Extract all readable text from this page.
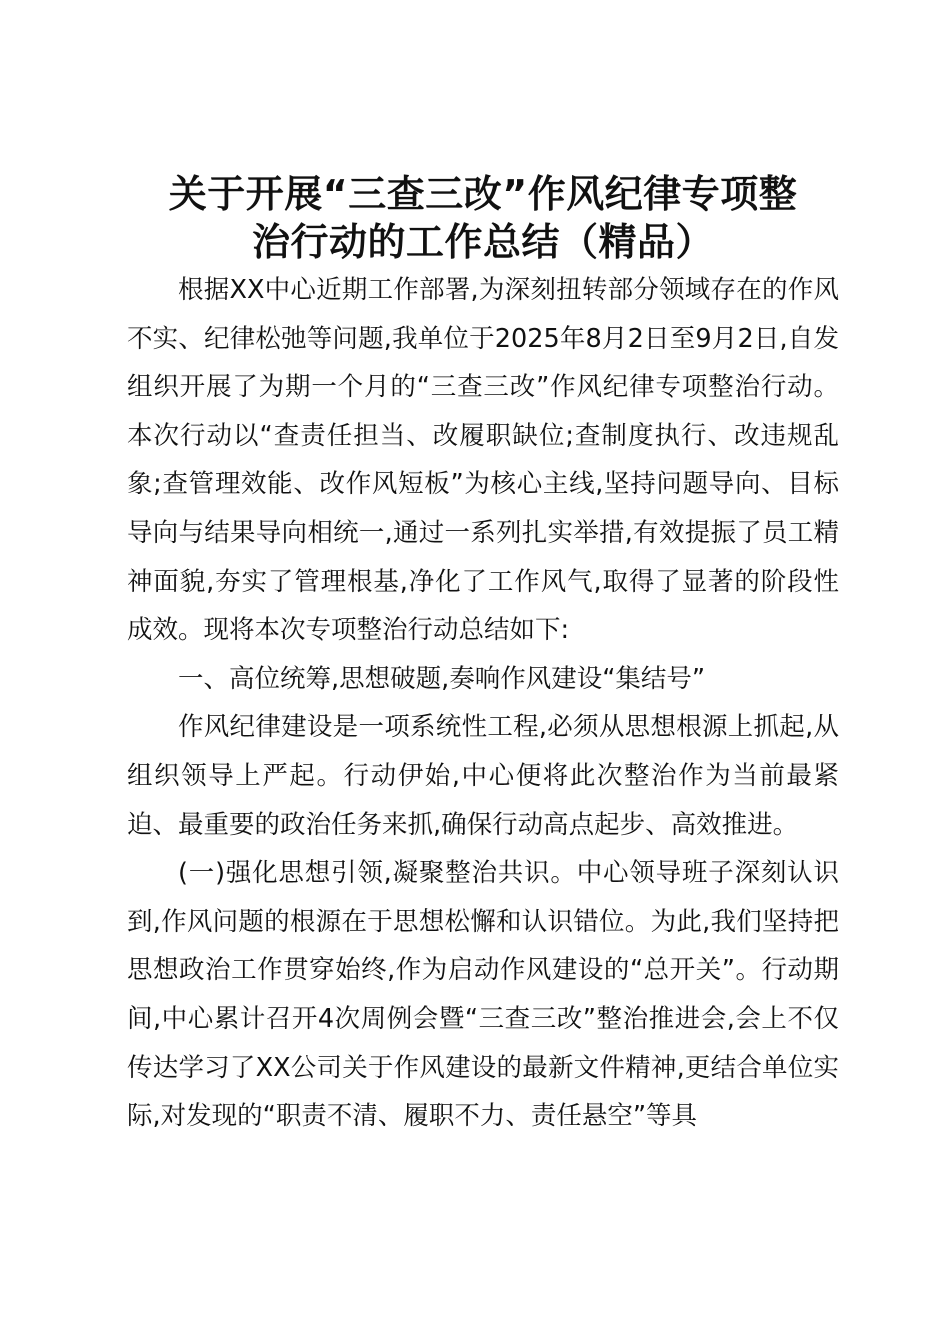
关于开展“三查三改”作风纪律专项整
治行动的工作总结（精品）

根据XX中心近期工作部署,为深刻扭转部分领域存在的作风不实、纪律松弛等问题,我单位于2025年8月2日至9月2日,自发组织开展了为期一个月的“三查三改”作风纪律专项整治行动。本次行动以“查责任担当、改履职缺位;查制度执行、改违规乱象;查管理效能、改作风短板”为核心主线,坚持问题导向、目标导向与结果导向相统一,通过一系列扎实举措,有效提振了员工精神面貌,夯实了管理根基,净化了工作风气,取得了显著的阶段性成效。现将本次专项整治行动总结如下:

一、高位统筹,思想破题,奏响作风建设“集结号”

作风纪律建设是一项系统性工程,必须从思想根源上抓起,从组织领导上严起。行动伊始,中心便将此次整治作为当前最紧迫、最重要的政治任务来抓,确保行动高点起步、高效推进。

(一)强化思想引领,凝聚整治共识。中心领导班子深刻认识到,作风问题的根源在于思想松懈和认识错位。为此,我们坚持把思想政治工作贯穿始终,作为启动作风建设的“总开关”。行动期间,中心累计召开4次周例会暨“三查三改”整治推进会,会上不仅传达学习了XX公司关于作风建设的最新文件精神,更结合单位实际,对发现的“职责不清、履职不力、责任悬空”等具
